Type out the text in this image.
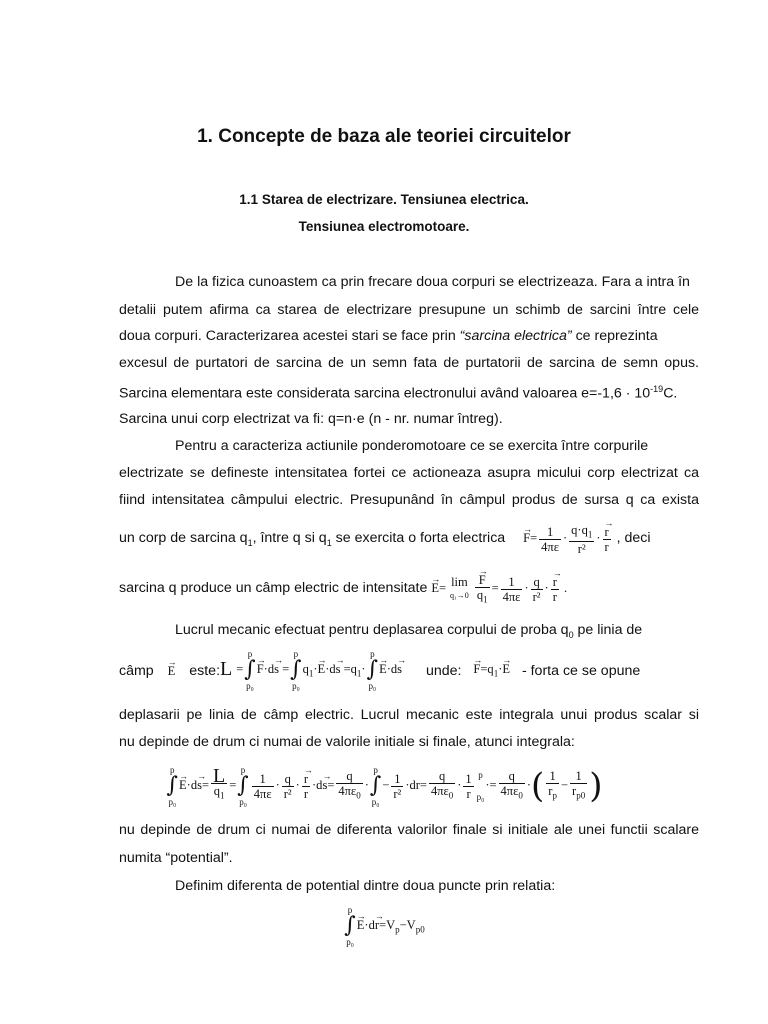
1. Concepte de baza ale teoriei circuitelor

1.1 Starea de electrizare. Tensiunea electrica.

Tensiunea electromotoare.

De la fizica cunoastem ca prin frecare doua corpuri se electrizeaza. Fara a intra în
detalii putem afirma ca starea de electrizare presupune un schimb de sarcini între cele
doua corpuri. Caracterizarea acestei stari se face prin “sarcina electrica” ce reprezinta
excesul de purtatori de sarcina de un semn fata de purtatorii de sarcina de semn opus.
Sarcina elementara este considerata sarcina electronului având valoarea $e=-1,6 \cdot 10^{-19}C$.
Sarcina unui corp electrizat va fi: q=n·e (n - nr. numar întreg).
Pentru a caracteriza actiunile ponderomotoare ce se exercita între corpurile
electrizate se defineste intensitatea fortei ce actioneaza asupra micului corp electrizat ca
fiind intensitatea câmpului electric. Presupunând în câmpul produs de sursa q ca exista
un corp de sarcina $q_1$, între q si $q_1$ se exercita o forta electrica → $F= \frac{1}{4\pi\varepsilon} \cdot \frac{q\cdot q_1}{\text{r²}}$ ·
→ $\frac{r}{r}$ , deci
sarcina q produce un câmp electric de intensitate → E= lim
q₁→0
→ $\frac{F}{q_1} = \frac{1}{4\pi\varepsilon} \cdot \frac{q}{\text{r²}}$ ·
→ $\frac{r}{r}$ .
Lucrul mecanic efectuat pentru deplasarea corpului de proba $q_0$ pe linia de
câmp → E este:L =p
∫
p₀→ F·d→ s =p
∫
$p_0q_1\cdot\to E\cdot d\to s =q_1\cdot p$
∫
p₀→ E·d→ s unde: → $F=q_1\cdot\to E$ - forta ce se opune
deplasarii pe linia de câmp electric. Lucrul mecanic este integrala unui produs scalar si
nu depinde de drum ci numai de valorile initiale si finale, atunci integrala:
p
∫
$p_0\to E\cdot d\to s= \frac{L}{q_1} =p$
∫
p₀
$\frac{1}{4\pi\varepsilon} \cdot \frac{q}{\text{r²}}$ ·
→ $\frac{r}{r} \cdot d\to s= \frac{q}{4\pi\varepsilon_0} \cdot p$
∫
$p_0- \frac{1}{\text{r²}} \cdot dr= \frac{q}{4\pi\varepsilon_0} \cdot \frac{1}{r}$ p
$p_0\cdot= \frac{q}{4\pi\varepsilon_0}$ ·( $\frac{1}{r_p} - \frac{1}{r_{p0}}$ )
nu depinde de drum ci numai de diferenta valorilor finale si initiale ale unei functii scalare
numita “potential”.
Definim diferenta de potential dintre doua puncte prin relatia:
p
∫
$p_0\to E\cdot d\to r=V_p-V_{p0}$
